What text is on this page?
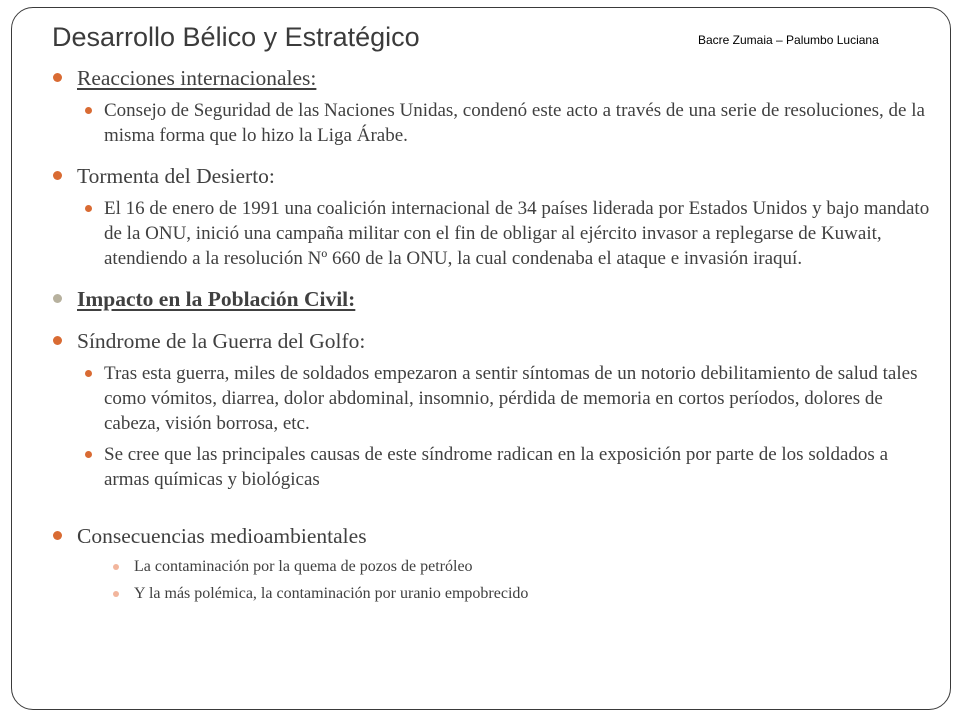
Desarrollo Bélico y Estratégico	Bacre Zumaia – Palumbo Luciana
Reacciones internacionales:
Consejo de Seguridad de las Naciones Unidas, condenó este acto a través de una serie de resoluciones, de la misma forma que lo hizo la Liga Árabe.
Tormenta del Desierto:
El 16 de enero de 1991 una coalición internacional de 34 países liderada por Estados Unidos y bajo mandato de la ONU, inició una campaña militar con el fin de obligar al ejército invasor a replegarse de Kuwait, atendiendo a la resolución Nº 660 de la ONU, la cual condenaba el ataque e invasión iraquí.
Impacto en la Población Civil:
Síndrome de la Guerra del Golfo:
Tras esta guerra, miles de soldados empezaron a sentir síntomas de un notorio debilitamiento de salud tales como vómitos, diarrea, dolor abdominal, insomnio, pérdida de memoria en cortos períodos, dolores de cabeza, visión borrosa, etc.
Se cree que las principales causas de este síndrome radican en la exposición por parte de los soldados a armas químicas y biológicas
Consecuencias medioambientales
La contaminación por la quema de pozos de petróleo
Y la más polémica, la contaminación por uranio empobrecido
